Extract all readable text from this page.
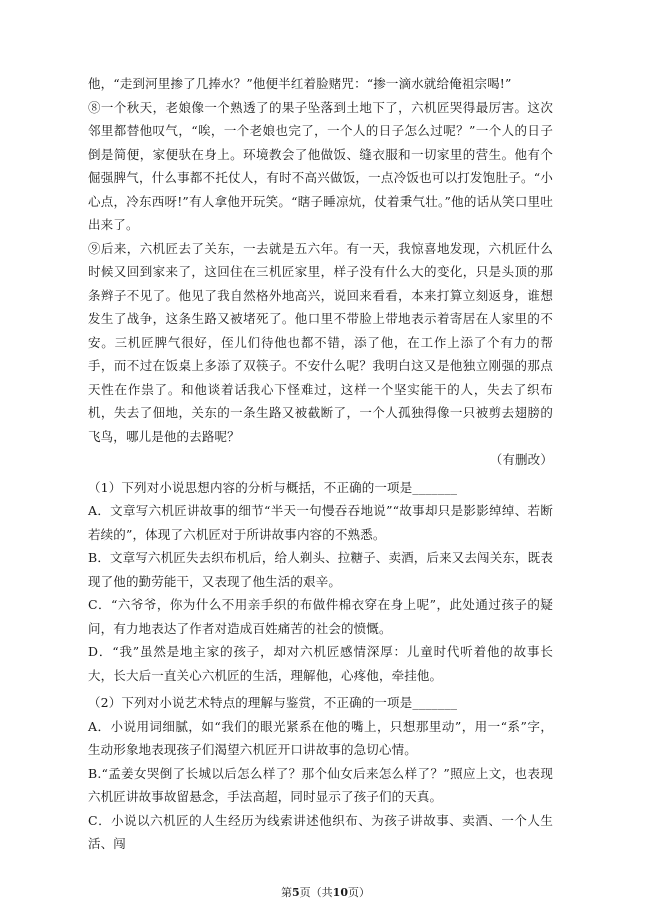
他，“走到河里掺了几捧水？”他便半红着脸赌咒：“掺一滴水就给俺祖宗喝!”

⑧一个秋天，老娘像一个熟透了的果子坠落到土地下了，六机匠哭得最厉害。这次邻里都替他叹气，“唉，一个老娘也完了，一个人的日子怎么过呢？”一个人的日子倒是简便，家便驮在身上。环境教会了他做饭、缝衣服和一切家里的营生。他有个倔强脾气，什么事都不托仗人，有时不高兴做饭，一点冷饭也可以打发饱肚子。“小心点，冷东西呀!”有人拿他开玩笑。“瞎子睡凉炕，仗着秉气壮。”他的话从笑口里吐出来了。

⑨后来，六机匠去了关东，一去就是五六年。有一天，我惊喜地发现，六机匠什么时候又回到家来了，这回住在三机匠家里，样子没有什么大的变化，只是头顶的那条辫子不见了。他见了我自然格外地高兴，说回来看看，本来打算立刻返身，谁想发生了战争，这条生路又被堵死了。他口里不带脸上带地表示着寄居在人家里的不安。三机匠脾气很好，侄儿们待他也都不错，添了他，在工作上添了个有力的帮手，而不过在饭桌上多添了双筷子。不安什么呢？我明白这又是他独立刚强的那点天性在作祟了。和他谈着话我心下怪难过，这样一个坚实能干的人，失去了织布机，失去了佃地，关东的一条生路又被截断了，一个人孤独得像一只被剪去翅膀的飞鸟，哪儿是他的去路呢？

（有删改）

（1）下列对小说思想内容的分析与概括，不正确的一项是_______

A．文章写六机匠讲故事的细节“半天一句慢吞吞地说”“故事却只是影影绰绰、若断若续的”，体现了六机匠对于所讲故事内容的不熟悉。

B．文章写六机匠失去织布机后，给人剃头、拉糖子、卖酒，后来又去闯关东，既表现了他的勤劳能干，又表现了他生活的艰辛。

C．“六爷爷，你为什么不用亲手织的布做件棉衣穿在身上呢”，此处通过孩子的疑问，有力地表达了作者对造成百姓痛苦的社会的愤慨。

D．“我”虽然是地主家的孩子，却对六机匠感情深厚：儿童时代听着他的故事长大，长大后一直关心六机匠的生活，理解他，心疼他，牵挂他。

（2）下列对小说艺术特点的理解与鉴赏，不正确的一项是_______

A．小说用词细腻，如“我们的眼光紧系在他的嘴上，只想那里动”，用一“系”字，生动形象地表现孩子们渴望六机匠开口讲故事的急切心情。

B.“孟姜女哭倒了长城以后怎么样了？那个仙女后来怎么样了？”照应上文，也表现六机匠讲故事故留悬念，手法高超，同时显示了孩子们的天真。

C．小说以六机匠的人生经历为线索讲述他织布、为孩子讲故事、卖酒、一个人生活、闯

第5页（共10页）
